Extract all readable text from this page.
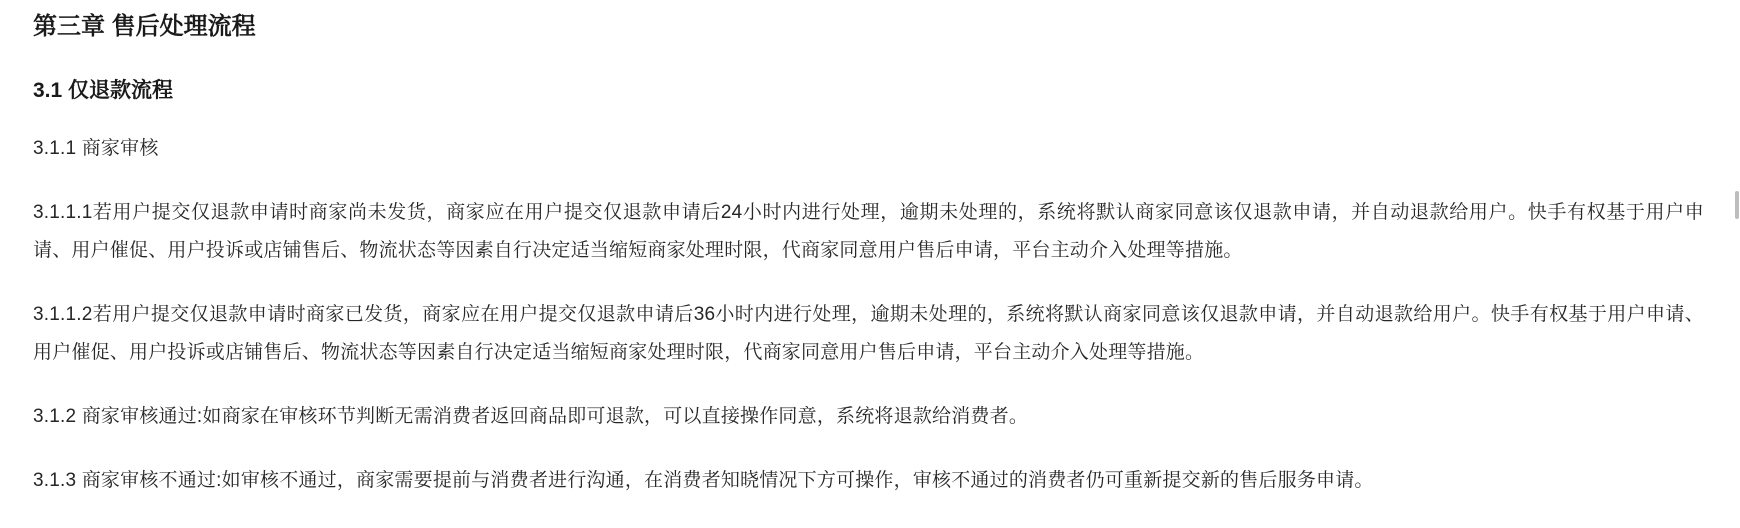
第三章 售后处理流程
3.1 仅退款流程

3.1.1 商家审核

3.1.1.1若用户提交仅退款申请时商家尚未发货，商家应在用户提交仅退款申请后24小时内进行处理，逾期未处理的，系统将默认商家同意该仅退款申请，并自动退款给用户。快手有权基于用户申请、用户催促、用户投诉或店铺售后、物流状态等因素自行决定适当缩短商家处理时限，代商家同意用户售后申请，平台主动介入处理等措施。

3.1.1.2若用户提交仅退款申请时商家已发货，商家应在用户提交仅退款申请后36小时内进行处理，逾期未处理的，系统将默认商家同意该仅退款申请，并自动退款给用户。快手有权基于用户申请、用户催促、用户投诉或店铺售后、物流状态等因素自行决定适当缩短商家处理时限，代商家同意用户售后申请，平台主动介入处理等措施。

3.1.2 商家审核通过:如商家在审核环节判断无需消费者返回商品即可退款，可以直接操作同意，系统将退款给消费者。

3.1.3 商家审核不通过:如审核不通过，商家需要提前与消费者进行沟通，在消费者知晓情况下方可操作，审核不通过的消费者仍可重新提交新的售后服务申请。
